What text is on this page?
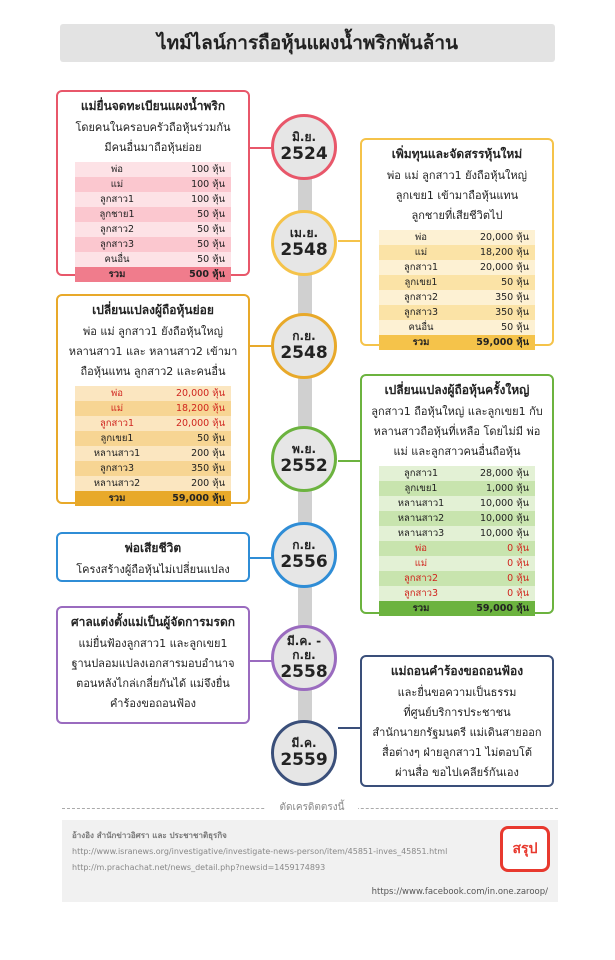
ไทม์ไลน์การถือหุ้นแผงน้ำพริกพันล้าน
มิ.ย.
2524
เม.ย.
2548
ก.ย.
2548
พ.ย.
2552
ก.ย.
2556
มี.ค. - ก.ย.
2558
มี.ค.
2559
แม่ยื่นจดทะเบียนแผงน้ำพริก

โดยคนในครอบครัวถือหุ้นร่วมกัน

มีคนอื่นมาถือหุ้นย่อย

พ่อ	100 หุ้น
แม่	100 หุ้น
ลูกสาว1	100 หุ้น
ลูกชาย1	50 หุ้น
ลูกสาว2	50 หุ้น
ลูกสาว3	50 หุ้น
คนอื่น	50 หุ้น
รวม	500 หุ้น
เพิ่มทุนและจัดสรรหุ้นใหม่

พ่อ แม่ ลูกสาว1 ยังถือหุ้นใหญ่

ลูกเขย1 เข้ามาถือหุ้นแทน

ลูกชายที่เสียชีวิตไป

พ่อ	20,000 หุ้น
แม่	18,200 หุ้น
ลูกสาว1	20,000 หุ้น
ลูกเขย1	50 หุ้น
ลูกสาว2	350 หุ้น
ลูกสาว3	350 หุ้น
คนอื่น	50 หุ้น
รวม	59,000 หุ้น
เปลี่ยนแปลงผู้ถือหุ้นย่อย

พ่อ แม่ ลูกสาว1 ยังถือหุ้นใหญ่

หลานสาว1 และ หลานสาว2 เข้ามา

ถือหุ้นแทน ลูกสาว2 และคนอื่น

พ่อ	20,000 หุ้น
แม่	18,200 หุ้น
ลูกสาว1	20,000 หุ้น
ลูกเขย1	50 หุ้น
หลานสาว1	200 หุ้น
ลูกสาว3	350 หุ้น
หลานสาว2	200 หุ้น
รวม	59,000 หุ้น
เปลี่ยนแปลงผู้ถือหุ้นครั้งใหญ่

ลูกสาว1 ถือหุ้นใหญ่ และลูกเขย1 กับ

หลานสาวถือหุ้นที่เหลือ โดยไม่มี พ่อ

แม่ และลูกสาวคนอื่นถือหุ้น

ลูกสาว1	28,000 หุ้น
ลูกเขย1	1,000 หุ้น
หลานสาว1	10,000 หุ้น
หลานสาว2	10,000 หุ้น
หลานสาว3	10,000 หุ้น
พ่อ	0 หุ้น
แม่	0 หุ้น
ลูกสาว2	0 หุ้น
ลูกสาว3	0 หุ้น
รวม	59,000 หุ้น
พ่อเสียชีวิต

โครงสร้างผู้ถือหุ้นไม่เปลี่ยนแปลง

ศาลแต่งตั้งแม่เป็นผู้จัดการมรดก

แม่ยื่นฟ้องลูกสาว1 และลูกเขย1

ฐานปลอมแปลงเอกสารมอบอำนาจ

ตอนหลังไกล่เกลี่ยกันได้ แม่จึงยื่น

คำร้องขอถอนฟ้อง

แม่ถอนคำร้องขอถอนฟ้อง

และยื่นขอความเป็นธรรม

ที่ศูนย์บริการประชาชน

สำนักนายกรัฐมนตรี แม่เดินสายออก

สื่อต่างๆ ฝ่ายลูกสาว1 ไม่ตอบโต้

ผ่านสื่อ ขอไปเคลียร์กันเอง

ตัดเครดิตตรงนี้
อ้างอิง สำนักข่าวอิศรา และ ประชาชาติธุรกิจ
http://www.isranews.org/investigative/investigate-news-person/item/45851-inves_45851.html
http://m.prachachat.net/news_detail.php?newsid=1459174893
https://www.facebook.com/in.one.zaroop/
สรุป
